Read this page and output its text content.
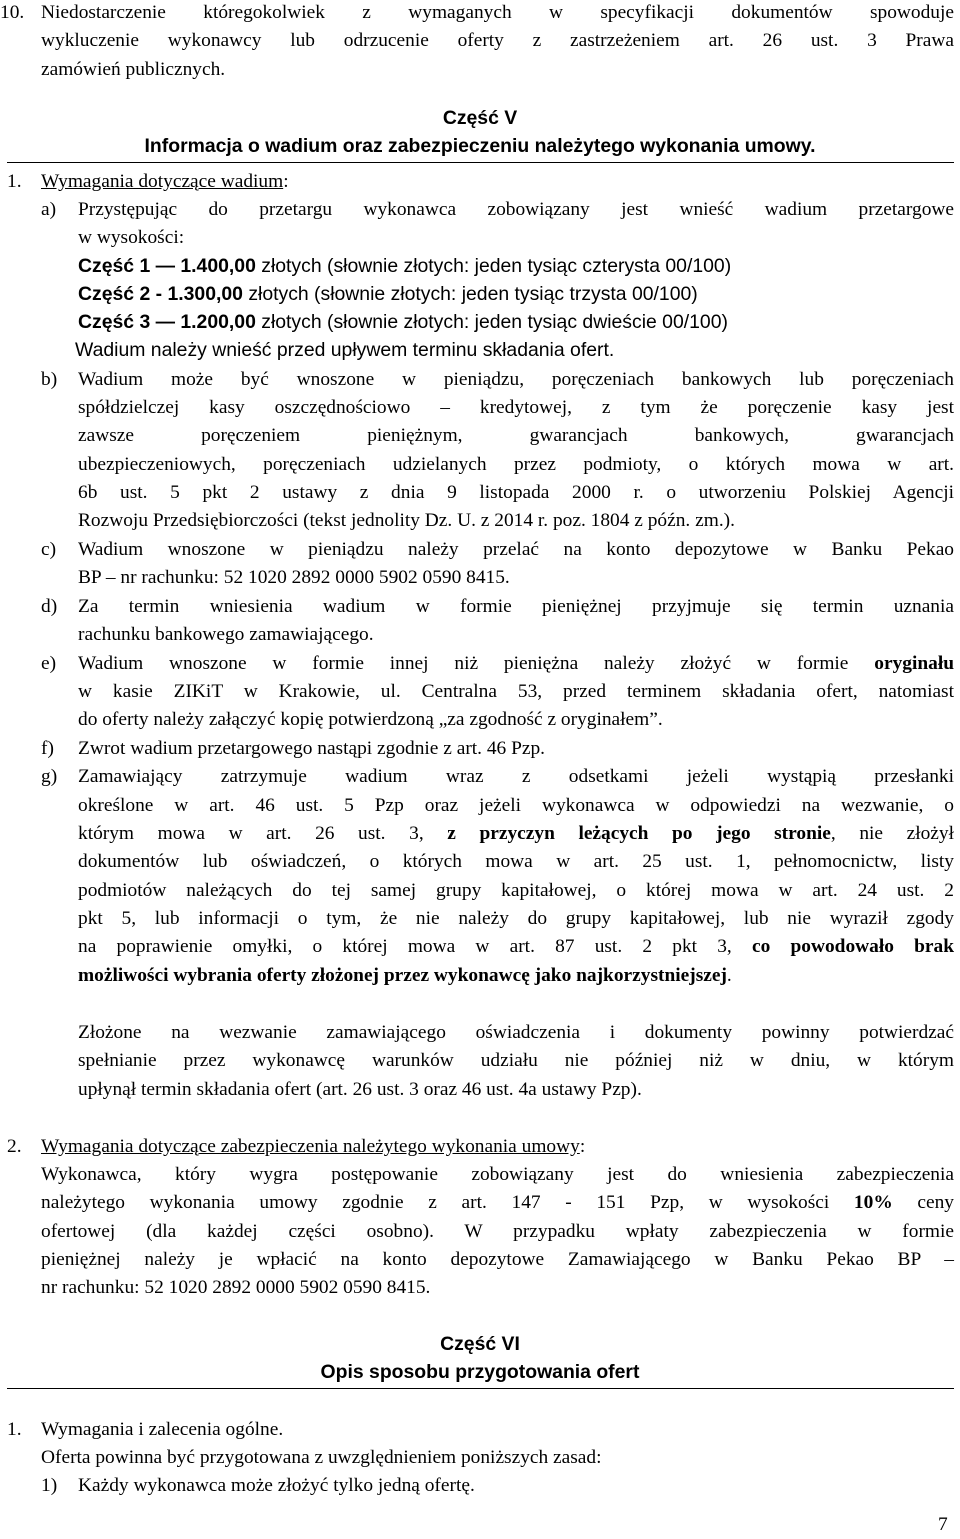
10. Niedostarczenie któregokolwiek z wymaganych w specyfikacji dokumentów spowoduje
wykluczenie wykonawcy lub odrzucenie oferty z zastrzeżeniem art. 26 ust. 3 Prawa
zamówień publicznych.
Część V
Informacja o wadium oraz zabezpieczeniu należytego wykonania umowy.
1. Wymagania dotyczące wadium:
a) Przystępując do przetargu wykonawca zobowiązany jest wnieść wadium przetargowe
w wysokości:
Część 1 — 1.400,00 złotych (słownie złotych: jeden tysiąc czterysta 00/100)
Część 2 - 1.300,00 złotych (słownie złotych: jeden tysiąc trzysta 00/100)
Część 3 — 1.200,00 złotych (słownie złotych: jeden tysiąc dwieście 00/100)
Wadium należy wnieść przed upływem terminu składania ofert.
b) Wadium może być wnoszone w pieniądzu, poręczeniach bankowych lub poręczeniach
spółdzielczej kasy oszczędnościowo – kredytowej, z tym że poręczenie kasy jest
zawsze poręczeniem pieniężnym, gwarancjach bankowych, gwarancjach
ubezpieczeniowych, poręczeniach udzielanych przez podmioty, o których mowa w art.
6b ust. 5 pkt 2 ustawy z dnia 9 listopada 2000 r. o utworzeniu Polskiej Agencji
Rozwoju Przedsiębiorczości (tekst jednolity Dz. U. z 2014 r. poz. 1804 z późn. zm.).
c) Wadium wnoszone w pieniądzu należy przelać na konto depozytowe w Banku Pekao
BP – nr rachunku: 52 1020 2892 0000 5902 0590 8415.
d) Za termin wniesienia wadium w formie pieniężnej przyjmuje się termin uznania
rachunku bankowego zamawiającego.
e) Wadium wnoszone w formie innej niż pieniężna należy złożyć w formie oryginału
w kasie ZIKiT w Krakowie, ul. Centralna 53, przed terminem składania ofert, natomiast
do oferty należy załączyć kopię potwierdzoną „za zgodność z oryginałem”.
f) Zwrot wadium przetargowego nastąpi zgodnie z art. 46 Pzp.
g) Zamawiający zatrzymuje wadium wraz z odsetkami jeżeli wystąpią przesłanki
określone w art. 46 ust. 5 Pzp oraz jeżeli wykonawca w odpowiedzi na wezwanie, o
którym mowa w art. 26 ust. 3, z przyczyn leżących po jego stronie, nie złożył
dokumentów lub oświadczeń, o których mowa w art. 25 ust. 1, pełnomocnictw, listy
podmiotów należących do tej samej grupy kapitałowej, o której mowa w art. 24 ust. 2
pkt 5, lub informacji o tym, że nie należy do grupy kapitałowej, lub nie wyraził zgody
na poprawienie omyłki, o której mowa w art. 87 ust. 2 pkt 3, co powodowało brak
możliwości wybrania oferty złożonej przez wykonawcę jako najkorzystniejszej.
Złożone na wezwanie zamawiającego oświadczenia i dokumenty powinny potwierdzać
spełnianie przez wykonawcę warunków udziału nie później niż w dniu, w którym
upłynął termin składania ofert (art. 26 ust. 3 oraz 46 ust. 4a ustawy Pzp).
2. Wymagania dotyczące zabezpieczenia należytego wykonania umowy:
Wykonawca, który wygra postępowanie zobowiązany jest do wniesienia zabezpieczenia
należytego wykonania umowy zgodnie z art. 147 - 151 Pzp, w wysokości 10% ceny
ofertowej (dla każdej części osobno). W przypadku wpłaty zabezpieczenia w formie
pieniężnej należy je wpłacić na konto depozytowe Zamawiającego w Banku Pekao BP –
nr rachunku: 52 1020 2892 0000 5902 0590 8415.
Część VI
Opis sposobu przygotowania ofert
1. Wymagania i zalecenia ogólne.
Oferta powinna być przygotowana z uwzględnieniem poniższych zasad:
1) Każdy wykonawca może złożyć tylko jedną ofertę.
7
